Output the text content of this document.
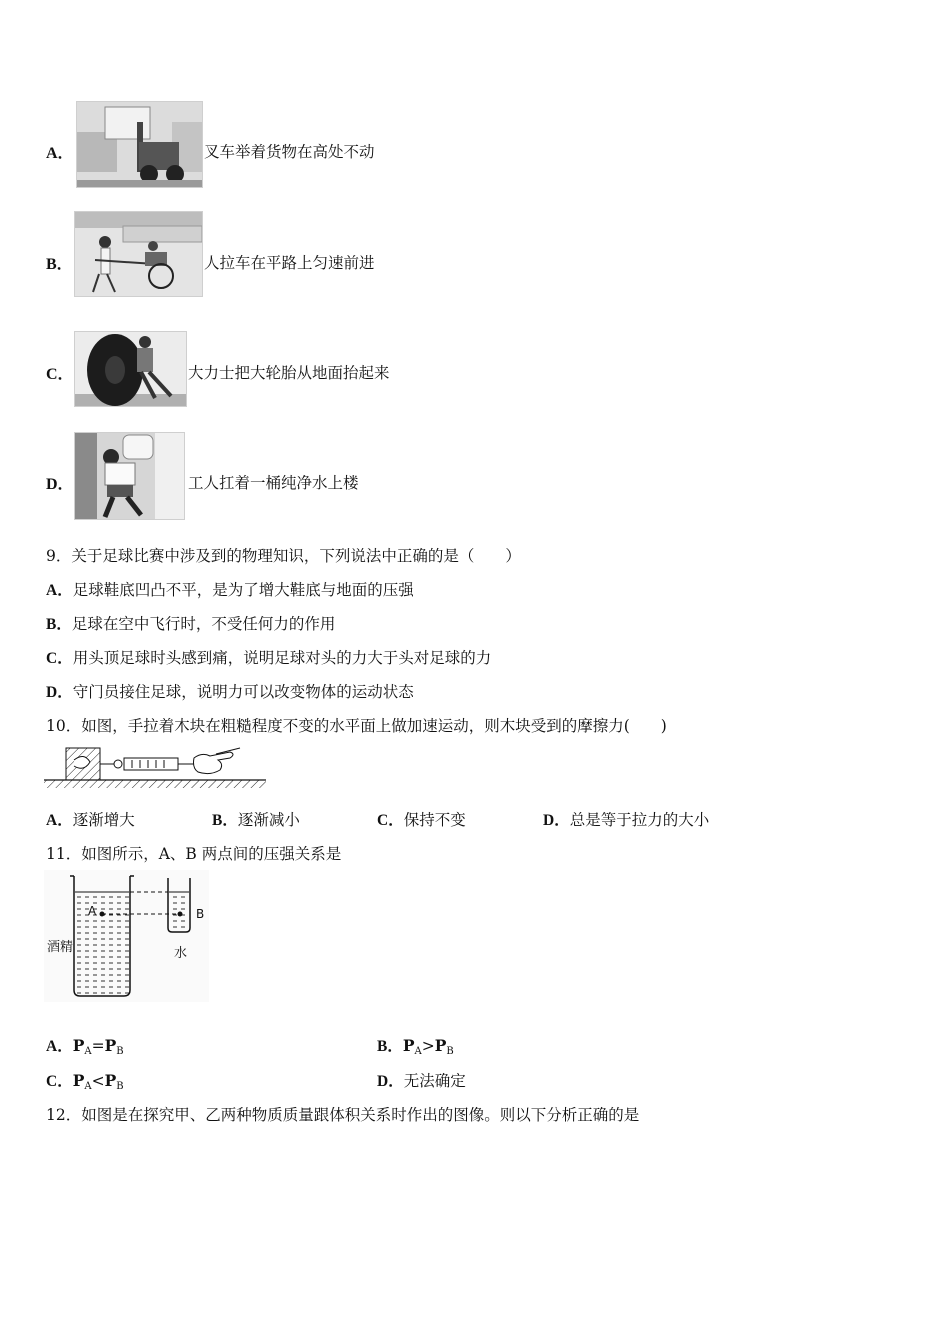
A．	叉车举着货物在高处不动
B．	人拉车在平路上匀速前进
C．	大力士把大轮胎从地面抬起来
D．	工人扛着一桶纯净水上楼
9．关于足球比赛中涉及到的物理知识，下列说法中正确的是（　　）
A．足球鞋底凹凸不平，是为了增大鞋底与地面的压强
B．足球在空中飞行时，不受任何力的作用
C．用头顶足球时头感到痛，说明足球对头的力大于头对足球的力
D．守门员接住足球，说明力可以改变物体的运动状态
10．如图，手拉着木块在粗糙程度不变的水平面上做加速运动，则木块受到的摩擦力(　　)
A．逐渐增大	B．逐渐减小	C．保持不变	D．总是等于拉力的大小
11．如图所示，A、B 两点间的压强关系是
A	B
酒精	水
A．$P_A=P_B$	B．$P_A>P_B$
C．$P_A<P_B$	D．无法确定
12．如图是在探究甲、乙两种物质质量跟体积关系时作出的图像。则以下分析正确的是
